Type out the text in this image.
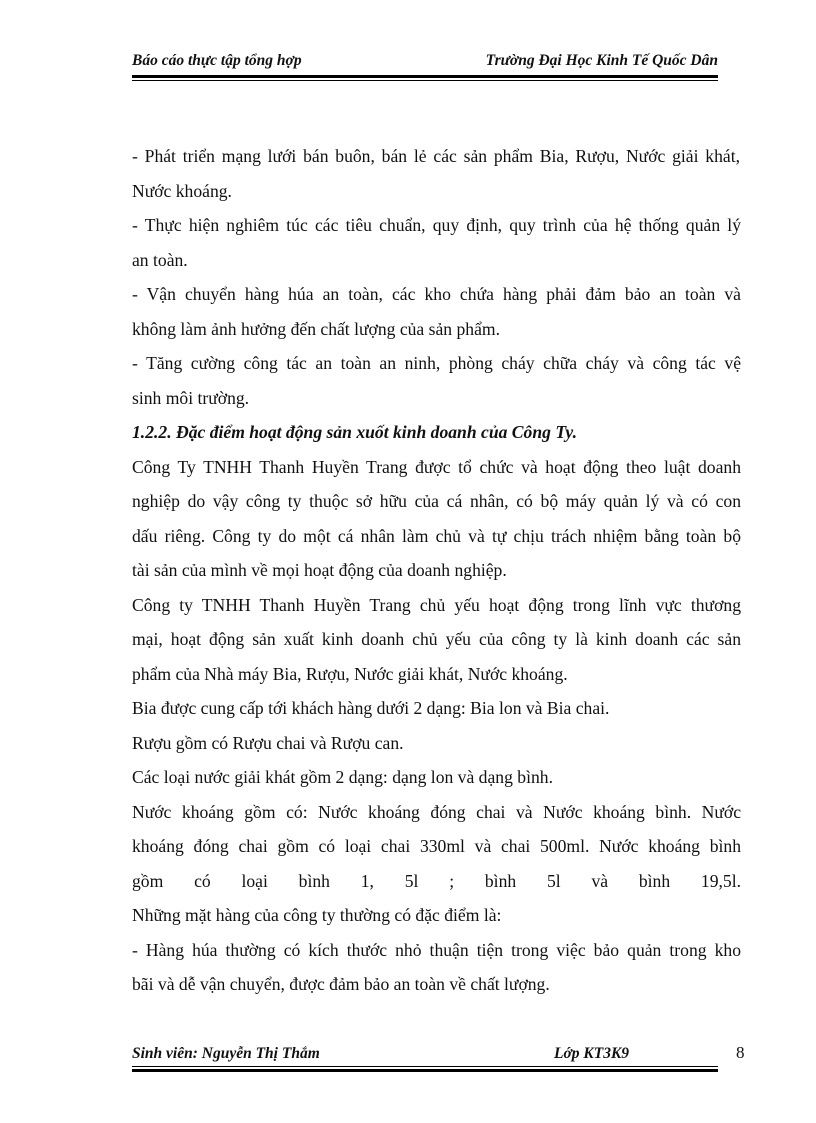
Báo cáo thực tập tổng hợp	Trường Đại Học Kinh Tế Quốc Dân
- Phát triển mạng lưới bán buôn, bán lẻ các sản phẩm Bia, Rượu, Nước giải khát,
Nước khoáng.
- Thực hiện nghiêm túc các tiêu chuẩn, quy định, quy trình của hệ thống quản lý
an toàn.
- Vận chuyển hàng húa an toàn, các kho chứa hàng phải đảm bảo an toàn và
không làm ảnh hưởng đến chất lượng của sản phẩm.
- Tăng cường công tác an toàn an ninh, phòng cháy chữa cháy và công tác vệ
sinh môi trường.
1.2.2. Đặc điểm hoạt động sản xuốt kinh doanh của Công Ty.
Công Ty TNHH Thanh Huyền Trang được tổ chức và hoạt động theo luật doanh
nghiệp do vậy công ty thuộc sở hữu của cá nhân, có bộ máy quản lý và có con
dấu riêng. Công ty do một cá nhân làm chủ và tự chịu trách nhiệm bằng toàn bộ
tài sản của mình về mọi hoạt động của doanh nghiệp.
Công ty TNHH Thanh Huyền Trang chủ yếu hoạt động trong lĩnh vực thương
mại, hoạt động sản xuất kinh doanh chủ yếu của công ty là kinh doanh các sản
phẩm của Nhà máy Bia, Rượu, Nước giải khát, Nước khoáng.
Bia được cung cấp tới khách hàng dưới 2 dạng: Bia lon và Bia chai.
Rượu gồm có Rượu chai và Rượu can.
Các loại nước giải khát gồm 2 dạng: dạng lon và dạng bình.
Nước khoáng gồm có: Nước khoáng đóng chai và Nước khoáng bình. Nước
khoáng đóng chai gồm có loại chai 330ml và chai 500ml. Nước khoáng bình
gồm có loại bình 1, 5l ; bình 5l và bình 19,5l.
Những mặt hàng của công ty thường có đặc điểm là:
- Hàng húa thường có kích thước nhỏ thuận tiện trong việc bảo quản trong kho
bãi và dễ vận chuyển, được đảm bảo an toàn về chất lượng.
Sinh viên: Nguyễn Thị Thắm	Lớp KT3K9	8
